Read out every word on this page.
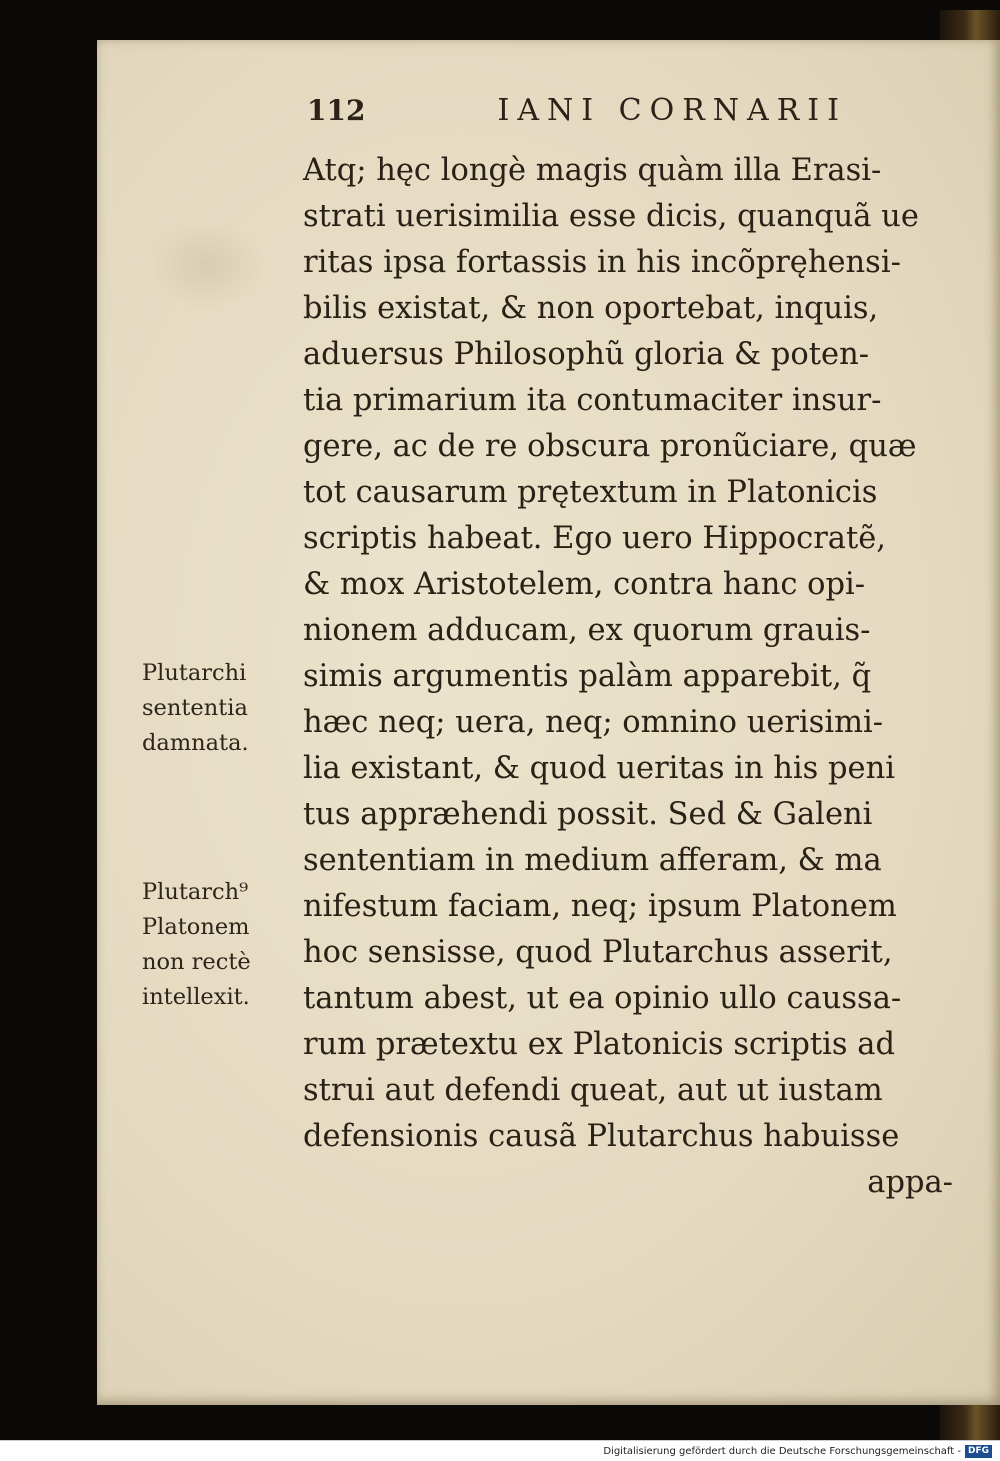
112	IANI CORNARII
Atq; hęc longè magis quàm illa Erasi-
strati uerisimilia esse dicis, quanquã ue
ritas ipsa fortassis in his incõpręhensi-
bilis existat, & non oportebat, inquis,
aduersus Philosophũ gloria & poten-
tia primarium ita contumaciter insur-
gere, ac de re obscura pronũciare, quæ
tot causarum prętextum in Platonicis
scriptis habeat. Ego uero Hippocratẽ,
& mox Aristotelem, contra hanc opi-
nionem adducam, ex quorum grauis-
simis argumentis palàm apparebit, q̃
hæc neq; uera, neq; omnino uerisimi-
lia existant, & quod ueritas in his peni
tus appræhendi possit. Sed & Galeni
sententiam in medium afferam, & ma
nifestum faciam, neq; ipsum Platonem
hoc sensisse, quod Plutarchus asserit,
tantum abest, ut ea opinio ullo caussa-
rum prætextu ex Platonicis scriptis ad
strui aut defendi queat, aut ut iustam
defensionis causã Plutarchus habuisse
appa-
Plutarchi
sententia
damnata.
Plutarch⁹
Platonem
non rectè
intellexit.
Digitalisierung gefördert durch die Deutsche Forschungsgemeinschaft - DFG
